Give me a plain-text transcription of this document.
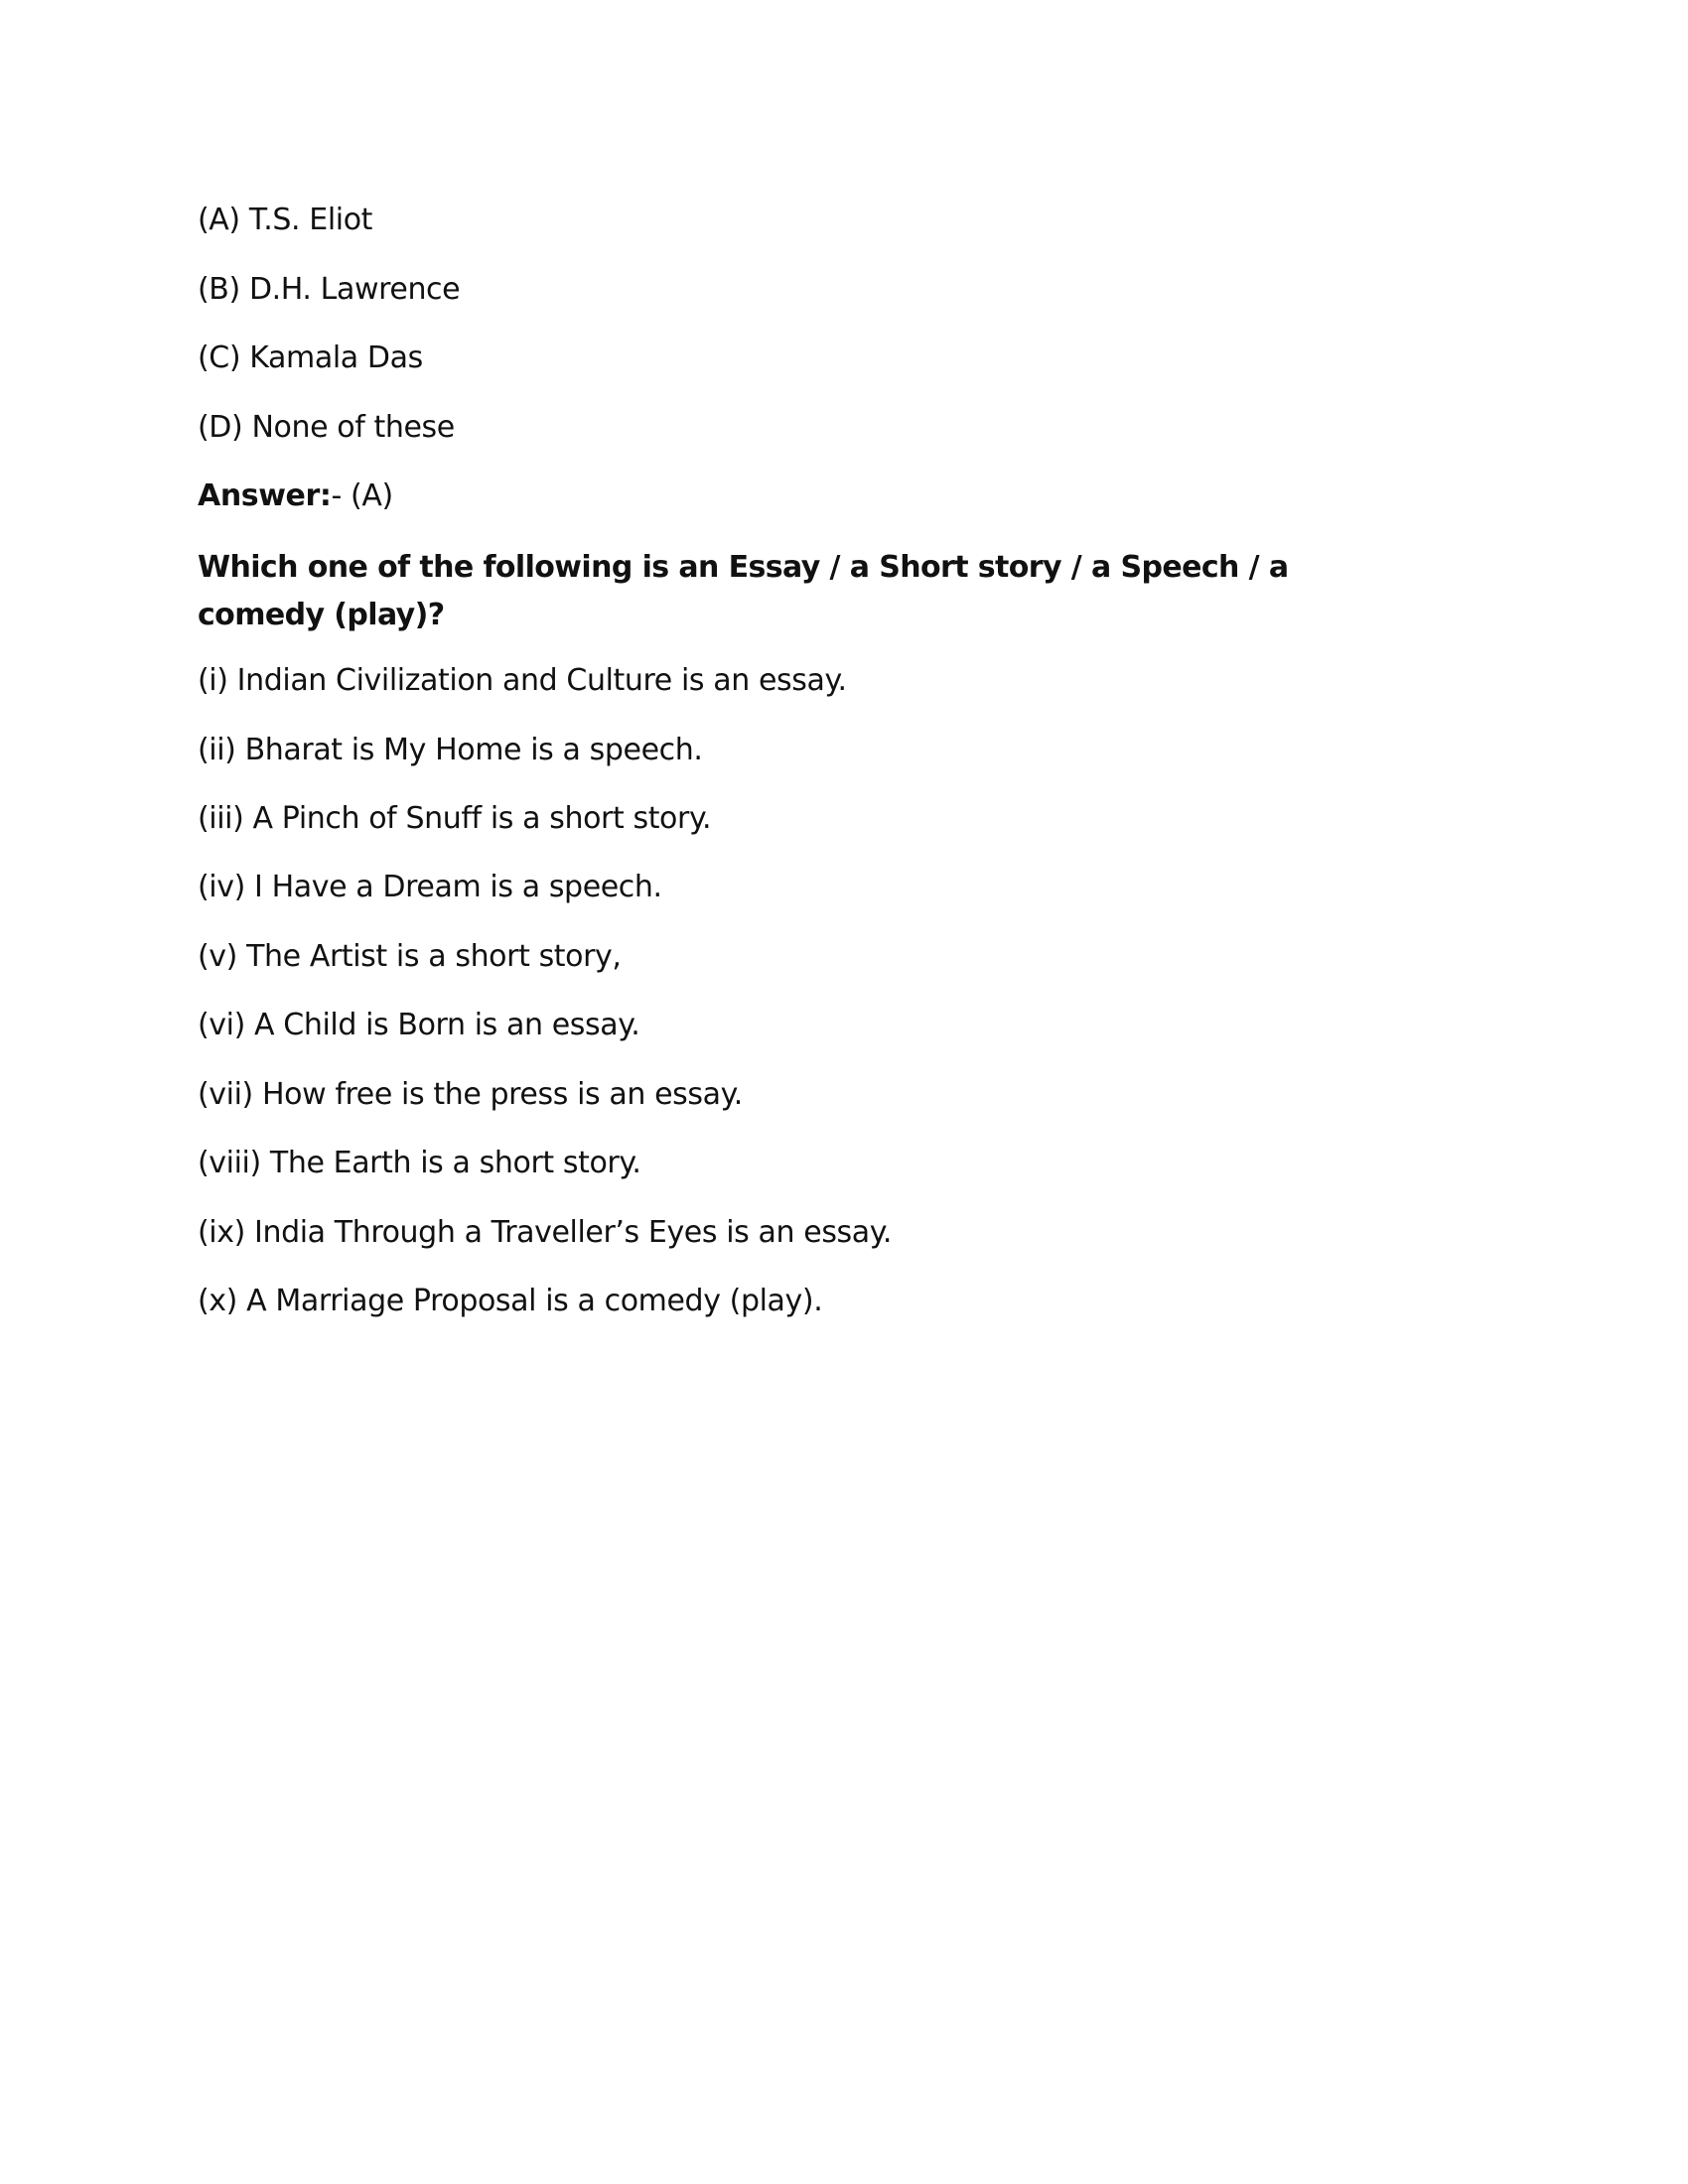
(A) T.S. Eliot
(B) D.H. Lawrence
(C) Kamala Das
(D) None of these
Answer:- (A)
Which one of the following is an Essay / a Short story / a Speech / a comedy (play)?
(i) Indian Civilization and Culture is an essay.
(ii) Bharat is My Home is a speech.
(iii) A Pinch of Snuff is a short story.
(iv) I Have a Dream is a speech.
(v) The Artist is a short story,
(vi) A Child is Born is an essay.
(vii) How free is the press is an essay.
(viii) The Earth is a short story.
(ix) India Through a Traveller’s Eyes is an essay.
(x) A Marriage Proposal is a comedy (play).
